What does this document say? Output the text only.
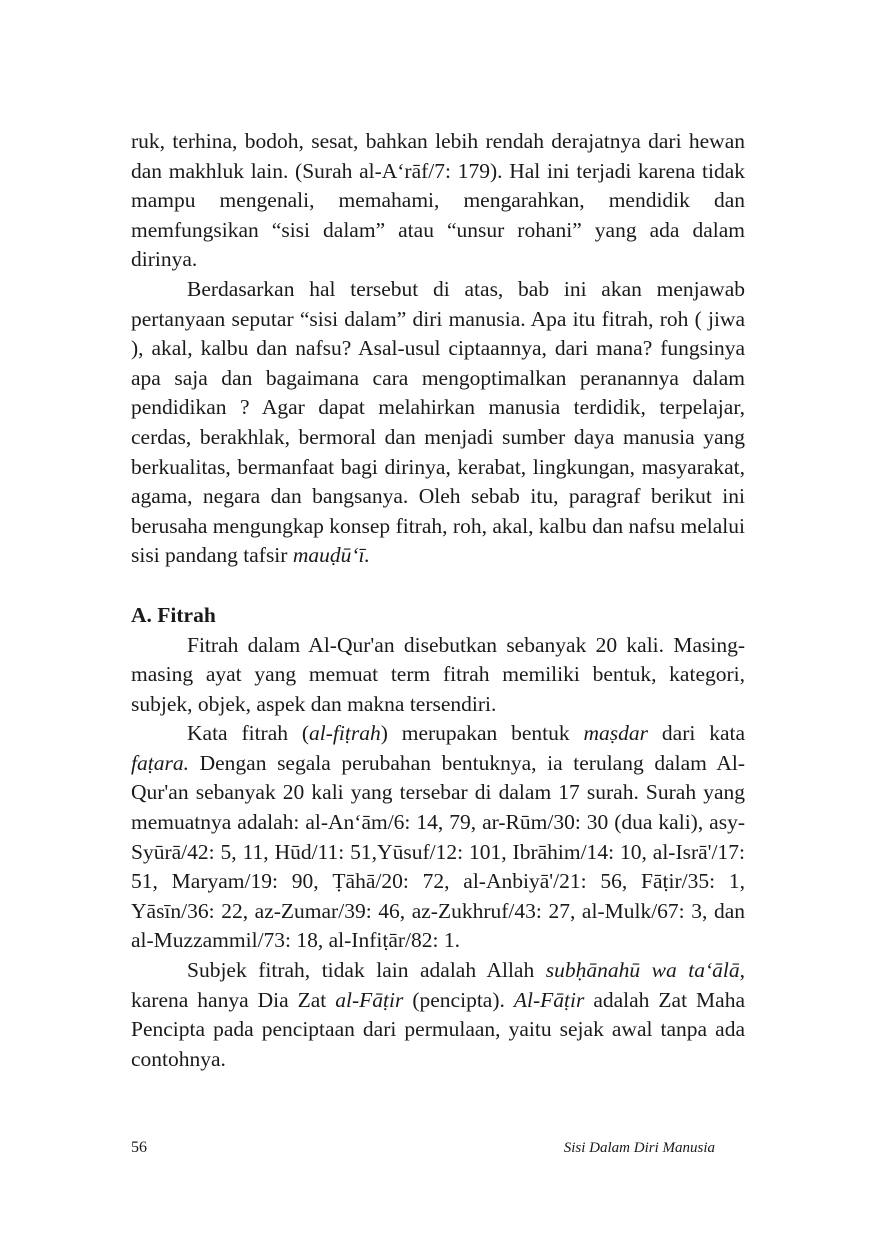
ruk, terhina, bodoh, sesat, bahkan lebih rendah derajatnya dari hewan dan makhluk lain. (Surah al-Aʻrāf/7: 179). Hal ini terjadi karena tidak mampu mengenali, memahami, mengarahkan, mendidik dan memfungsikan “sisi dalam” atau “unsur rohani” yang ada dalam dirinya.

Berdasarkan hal tersebut di atas, bab ini akan menjawab pertanyaan seputar “sisi dalam” diri manusia. Apa itu fitrah, roh ( jiwa ), akal, kalbu dan nafsu? Asal-usul ciptaannya, dari mana? fungsinya apa saja dan bagaimana cara mengoptimalkan peranannya dalam pendidikan ? Agar dapat melahirkan manusia terdidik, terpelajar, cerdas, berakhlak, bermoral dan menjadi sumber daya manusia yang berkualitas, bermanfaat bagi dirinya, kerabat, lingkungan, masyarakat, agama, negara dan bangsanya. Oleh sebab itu, paragraf berikut ini berusaha mengungkap konsep fitrah, roh, akal, kalbu dan nafsu melalui sisi pandang tafsir mauḍūʻī.

A. Fitrah

Fitrah dalam Al-Qur'an disebutkan sebanyak 20 kali. Masing-masing ayat yang memuat term fitrah memiliki bentuk, kategori, subjek, objek, aspek dan makna tersendiri.

Kata fitrah (al-fiṭrah) merupakan bentuk maṣdar dari kata faṭara. Dengan segala perubahan bentuknya, ia terulang dalam Al-Qur'an sebanyak 20 kali yang tersebar di dalam 17 surah. Surah yang memuatnya adalah: al-Anʻām/6: 14, 79, ar-Rūm/30: 30 (dua kali), asy-Syūrā/42: 5, 11, Hūd/11: 51,Yūsuf/12: 101, Ibrāhim/14: 10, al-Isrā'/17: 51, Maryam/19: 90, Ṭāhā/20: 72, al-Anbiyā'/21: 56, Fāṭir/35: 1, Yāsīn/36: 22, az-Zumar/39: 46, az-Zukhruf/43: 27, al-Mulk/67: 3, dan al-Muzzammil/73: 18, al-Infiṭār/82: 1.

Subjek fitrah, tidak lain adalah Allah subḥānahū wa taʻālā, karena hanya Dia Zat al-Fāṭir (pencipta). Al-Fāṭir adalah Zat Maha Pencipta pada penciptaan dari permulaan, yaitu sejak awal tanpa ada contohnya.

56	Sisi Dalam Diri Manusia
